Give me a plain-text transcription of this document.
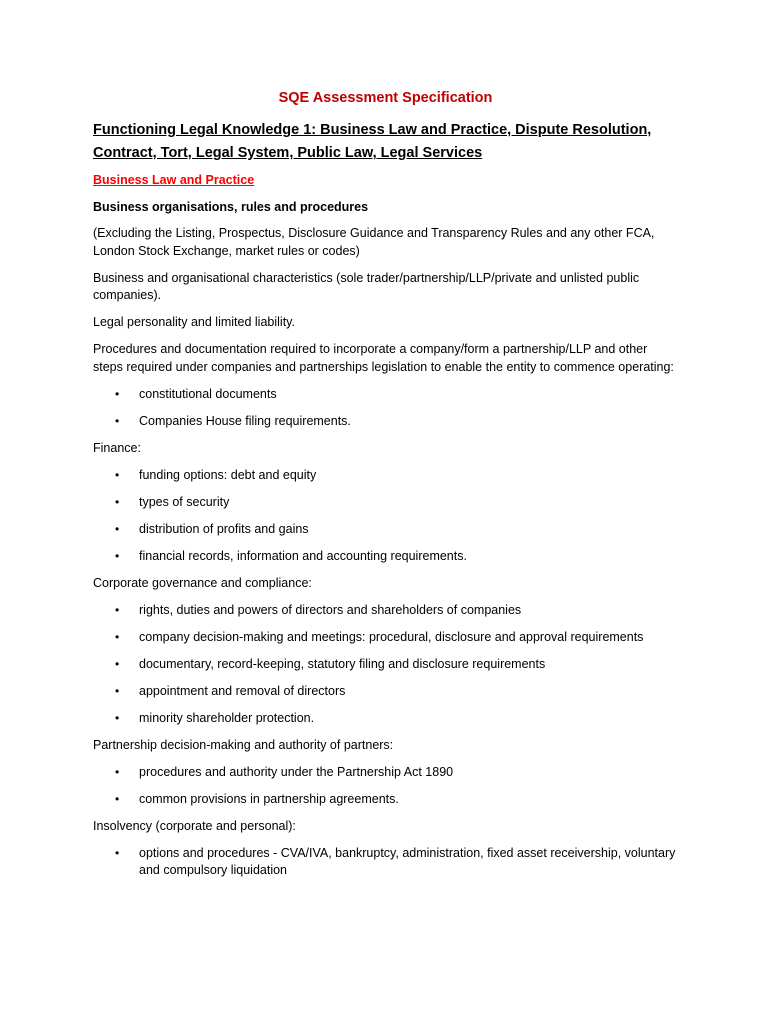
SQE Assessment Specification
Functioning Legal Knowledge 1: Business Law and Practice, Dispute Resolution, Contract, Tort, Legal System, Public Law, Legal Services
Business Law and Practice
Business organisations, rules and procedures

(Excluding the Listing, Prospectus, Disclosure Guidance and Transparency Rules and any other FCA, London Stock Exchange, market rules or codes)

Business and organisational characteristics (sole trader/partnership/LLP/private and unlisted public companies).

Legal personality and limited liability.

Procedures and documentation required to incorporate a company/form a partnership/LLP and other steps required under companies and partnerships legislation to enable the entity to commence operating:

• constitutional documents
• Companies House filing requirements.

Finance:

• funding options: debt and equity
• types of security
• distribution of profits and gains
• financial records, information and accounting requirements.

Corporate governance and compliance:

• rights, duties and powers of directors and shareholders of companies
• company decision-making and meetings: procedural, disclosure and approval requirements
• documentary, record-keeping, statutory filing and disclosure requirements
• appointment and removal of directors
• minority shareholder protection.

Partnership decision-making and authority of partners:

• procedures and authority under the Partnership Act 1890
• common provisions in partnership agreements.

Insolvency (corporate and personal):

• options and procedures - CVA/IVA, bankruptcy, administration, fixed asset receivership, voluntary and compulsory liquidation
